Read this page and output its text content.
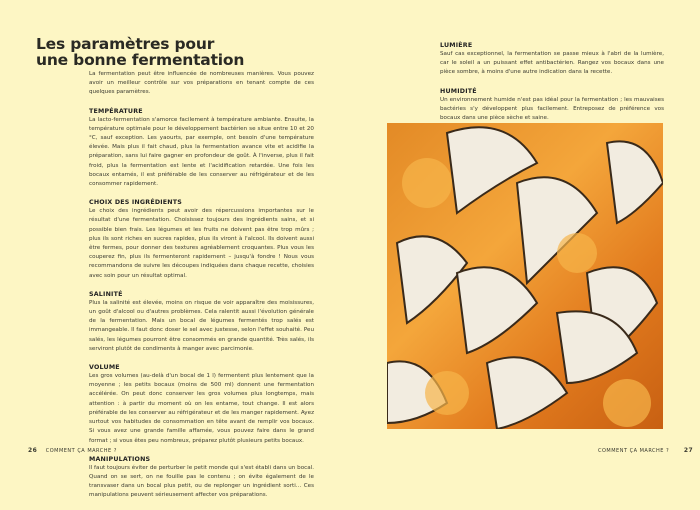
Les paramètres pour
une bonne fermentation

La fermentation peut être influencée de nombreuses manières. Vous pouvez avoir un meilleur contrôle sur vos préparations en tenant compte de ces quelques paramètres.

TEMPÉRATURE

La lacto-fermentation s'amorce facilement à température ambiante. Ensuite, la température optimale pour le développement bactérien se situe entre 10 et 20 °C, sauf exception. Les yaourts, par exemple, ont besoin d'une température élevée. Mais plus il fait chaud, plus la fermentation avance vite et acidifie la préparation, sans lui faire gagner en profondeur de goût. À l'inverse, plus il fait froid, plus la fermentation est lente et l'acidification retardée. Une fois les bocaux entamés, il est préférable de les conserver au réfrigérateur et de les consommer rapidement.

CHOIX DES INGRÉDIENTS

Le choix des ingrédients peut avoir des répercussions importantes sur le résultat d'une fermentation. Choisissez toujours des ingrédients sains, et si possible bien frais. Les légumes et les fruits ne doivent pas être trop mûrs ; plus ils sont riches en sucres rapides, plus ils viront à l'alcool. Ils doivent aussi être fermes, pour donner des textures agréablement croquantes. Plus vous les couperez fin, plus ils fermenteront rapidement – jusqu'à fondre ! Nous vous recommandons de suivre les découpes indiquées dans chaque recette, choisies avec soin pour un résultat optimal.

SALINITÉ

Plus la salinité est élevée, moins on risque de voir apparaître des moisissures, un goût d'alcool ou d'autres problèmes. Cela ralentit aussi l'évolution générale de la fermentation. Mais un bocal de légumes fermentés trop salés est immangeable. Il faut donc doser le sel avec justesse, selon l'effet souhaité. Peu salés, les légumes pourront être consommés en grande quantité. Très salés, ils serviront plutôt de condiments à manger avec parcimonie.

VOLUME

Les gros volumes (au-delà d'un bocal de 1 l) fermentent plus lentement que la moyenne ; les petits bocaux (moins de 500 ml) donnent une fermentation accélérée. On peut donc conserver les gros volumes plus longtemps, mais attention : à partir du moment où on les entame, tout change. Il est alors préférable de les conserver au réfrigérateur et de les manger rapidement. Ayez surtout vos habitudes de consommation en tête avant de remplir vos bocaux. Si vous avez une grande famille affamée, vous pouvez faire dans le grand format ; si vous êtes peu nombreux, préparez plutôt plusieurs petits bocaux.

MANIPULATIONS

Il faut toujours éviter de perturber le petit monde qui s'est établi dans un bocal. Quand on se sert, on ne fouille pas le contenu ; on évite également de le transvaser dans un bocal plus petit, ou de replonger un ingrédient sorti… Ces manipulations peuvent sérieusement affecter vos préparations.

LUMIÈRE

Sauf cas exceptionnel, la fermentation se passe mieux à l'abri de la lumière, car le soleil a un puissant effet antibactérien. Rangez vos bocaux dans une pièce sombre, à moins d'une autre indication dans la recette.

HUMIDITÉ

Un environnement humide n'est pas idéal pour la fermentation ; les mauvaises bactéries s'y développent plus facilement. Entreposez de préférence vos bocaux dans une pièce sèche et saine.

26 COMMENT ÇA MARCHE ?	COMMENT ÇA MARCHE ? 27
